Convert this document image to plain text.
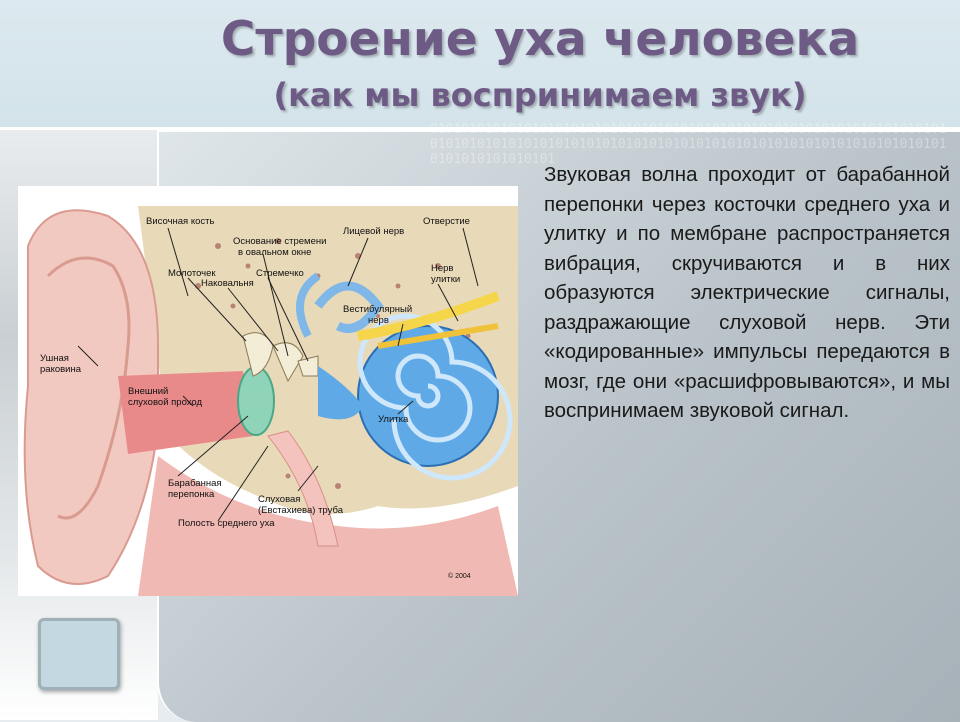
Строение уха человека
(как мы воспринимаем звук)
0101010101010101010101010101010101010101010101010101010101010101010101010101010101010101010101010101010101010101010101010101010101010101010101010101
Височная кость
Основание стремени
в овальном окне
Лицевой нерв
Отверстие
Молоточек	Стремечко
Наковальня
Нерв
улитки
Вестибулярный
нерв
Ушная
раковина
Внешний
слуховой проход
Улитка
Барабанная
перепонка	Слуховая
(Евстахиева) труба
Полость среднего уха
© 2004
Звуковая волна проходит от барабанной перепонки через косточки среднего уха и улитку и по мембране распространяется вибрация, скручиваются и в них образуются электрические сигналы, раздражающие слуховой нерв. Эти «кодированные» импульсы передаются в мозг, где они «расшифровываются», и мы воспринимаем звуковой сигнал.
